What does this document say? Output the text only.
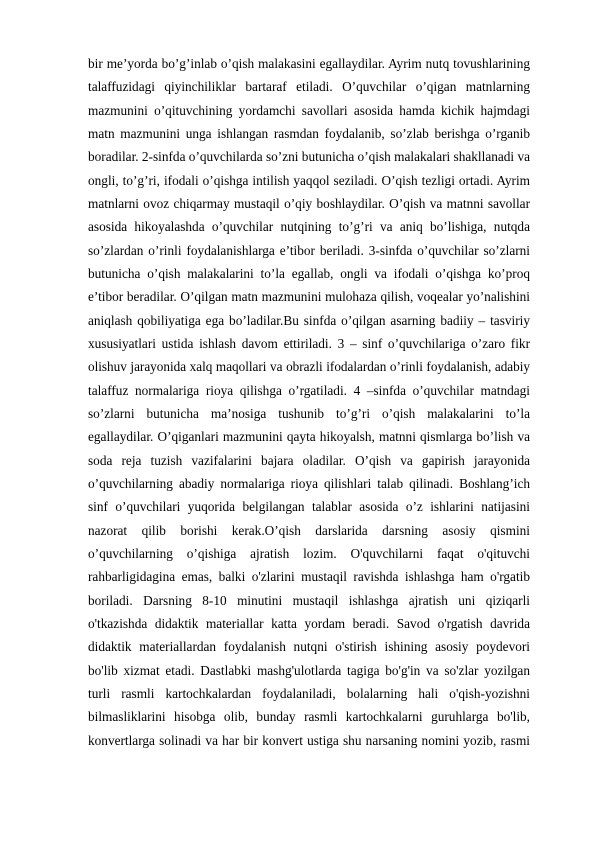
bir me’yorda bo’g’inlab o’qish malakasini egallaydilar. Ayrim nutq tovushlarining
talaffuzidagi qiyinchiliklar bartaraf etiladi. O’quvchilar o’qigan matnlarning
mazmunini o’qituvchining yordamchi savollari asosida hamda kichik hajmdagi
matn mazmunini unga ishlangan rasmdan foydalanib, so’zlab berishga o’rganib
boradilar. 2-sinfda o’quvchilarda so’zni butunicha o’qish malakalari shakllanadi va
ongli, to’g’ri, ifodali o’qishga intilish yaqqol seziladi. O’qish tezligi ortadi. Ayrim
matnlarni ovoz chiqarmay mustaqil o’qiy boshlaydilar. O’qish va matnni savollar
asosida hikoyalashda o’quvchilar nutqining to’g’ri va aniq bo’lishiga, nutqda
so’zlardan o’rinli foydalanishlarga e’tibor beriladi. 3-sinfda o’quvchilar so’zlarni
butunicha o’qish malakalarini to’la egallab, ongli va ifodali o’qishga ko’proq
e’tibor beradilar. O’qilgan matn mazmunini mulohaza qilish, voqealar yo’nalishini
aniqlash qobiliyatiga ega bo’ladilar.Bu sinfda o’qilgan asarning badiiy – tasviriy
xususiyatlari ustida ishlash davom ettiriladi. 3 – sinf o’quvchilariga o’zaro fikr
olishuv jarayonida xalq maqollari va obrazli ifodalardan o’rinli foydalanish, adabiy
talaffuz normalariga rioya qilishga o’rgatiladi. 4 –sinfda o’quvchilar matndagi
so’zlarni butunicha ma’nosiga tushunib to’g’ri o’qish malakalarini to’la
egallaydilar. O’qiganlari mazmunini qayta hikoyalsh, matnni qismlarga bo’lish va
soda reja tuzish vazifalarini bajara oladilar. O’qish va gapirish jarayonida
o’quvchilarning abadiy normalariga rioya qilishlari talab qilinadi. Boshlang’ich
sinf o’quvchilari yuqorida belgilangan talablar asosida o’z ishlarini natijasini
nazorat qilib borishi kerak.O’qish darslarida darsning asosiy qismini
o’quvchilarning o’qishiga ajratish lozim. O'quvchilarni faqat o'qituvchi
rahbarligidagina emas, balki o'zlarini mustaqil ravishda ishlashga ham o'rgatib
boriladi. Darsning 8-10 minutini mustaqil ishlashga ajratish uni qiziqarli
o'tkazishda didaktik materiallar katta yordam beradi. Savod o'rgatish davrida
didaktik materiallardan foydalanish nutqni o'stirish ishining asosiy poydevori
bo'lib xizmat etadi. Dastlabki mashg'ulotlarda tagiga bo'g'in va so'zlar yozilgan
turli rasmli kartochkalardan foydalaniladi, bolalarning hali o'qish-yozishni
bilmasliklarini hisobga olib, bunday rasmli kartochkalarni guruhlarga bo'lib,
konvertlarga solinadi va har bir konvert ustiga shu narsaning nomini yozib, rasmi
